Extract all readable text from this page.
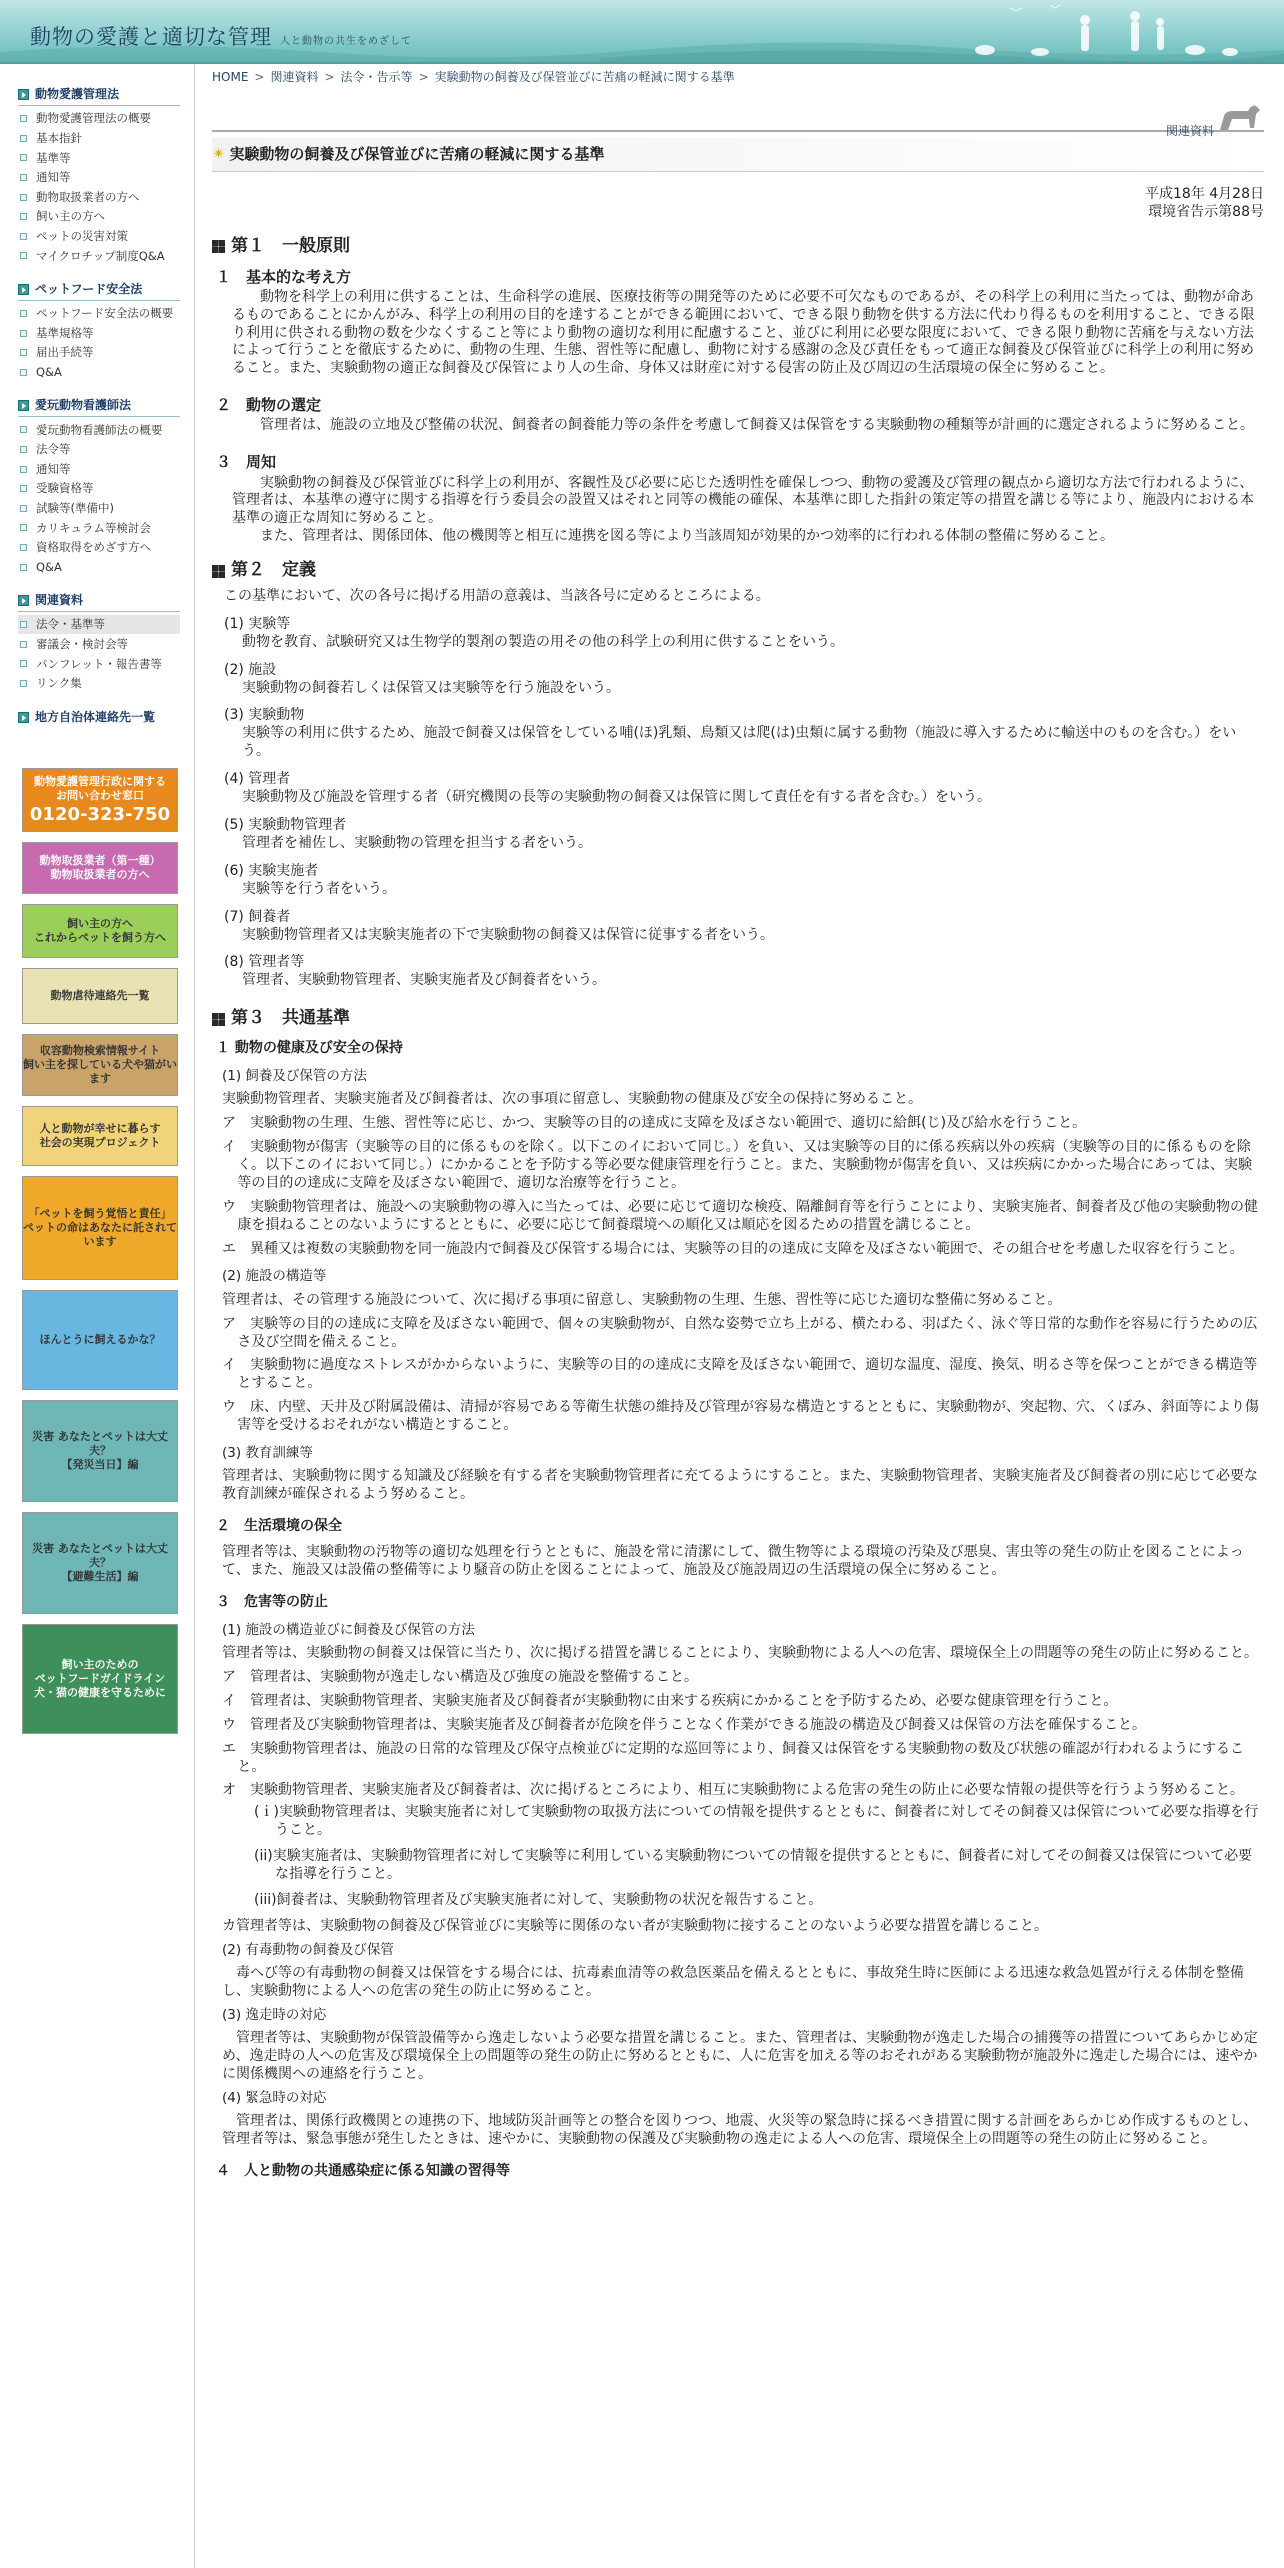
動物の愛護と適切な管理 人と動物の共生をめざして
動物愛護管理法
動物愛護管理法の概要
基本指針
基準等
通知等
動物取扱業者の方へ
飼い主の方へ
ペットの災害対策
マイクロチップ制度Q&A
ペットフード安全法
ペットフード安全法の概要
基準規格等
届出手続等
Q&A
愛玩動物看護師法
愛玩動物看護師法の概要
法令等
通知等
受験資格等
試験等(準備中)
カリキュラム等検討会
資格取得をめざす方へ
Q&A
関連資料
法令・基準等
審議会・検討会等
パンフレット・報告書等
リンク集
地方自治体連絡先一覧
動物愛護管理行政に関する
お問い合わせ窓口
0120-323-750
動物取扱業者（第一種）
動物取扱業者の方へ
飼い主の方へ
これからペットを飼う方へ
動物虐待連絡先一覧
収容動物検索情報サイト
飼い主を探している犬や猫がいます
人と動物が幸せに暮らす
社会の実現プロジェクト
「ペットを飼う覚悟と責任」
ペットの命はあなたに託されています
ほんとうに飼えるかな？
災害 あなたとペットは大丈夫？
【発災当日】編
災害 あなたとペットは大丈夫？
【避難生活】編
飼い主のための
ペットフードガイドライン
犬・猫の健康を守るために
HOME > 関連資料 > 法令・告示等 > 実験動物の飼養及び保管並びに苦痛の軽減に関する基準
関連資料
✴ 実験動物の飼養及び保管並びに苦痛の軽減に関する基準
平成18年 4月28日
環境省告示第88号
第１　一般原則
１　基本的な考え方

動物を科学上の利用に供することは、生命科学の進展、医療技術等の開発等のために必要不可欠なものであるが、その科学上の利用に当たっては、動物が命あるものであることにかんがみ、科学上の利用の目的を達することができる範囲において、できる限り動物を供する方法に代わり得るものを利用すること、できる限り利用に供される動物の数を少なくすること等により動物の適切な利用に配慮すること、並びに利用に必要な限度において、できる限り動物に苦痛を与えない方法によって行うことを徹底するために、動物の生理、生態、習性等に配慮し、動物に対する感謝の念及び責任をもって適正な飼養及び保管並びに科学上の利用に努めること。また、実験動物の適正な飼養及び保管により人の生命、身体又は財産に対する侵害の防止及び周辺の生活環境の保全に努めること。

２　動物の選定

管理者は、施設の立地及び整備の状況、飼養者の飼養能力等の条件を考慮して飼養又は保管をする実験動物の種類等が計画的に選定されるように努めること。

３　周知

実験動物の飼養及び保管並びに科学上の利用が、客観性及び必要に応じた透明性を確保しつつ、動物の愛護及び管理の観点から適切な方法で行われるように、管理者は、本基準の遵守に関する指導を行う委員会の設置又はそれと同等の機能の確保、本基準に即した指針の策定等の措置を講じる等により、施設内における本基準の適正な周知に努めること。

また、管理者は、関係団体、他の機関等と相互に連携を図る等により当該周知が効果的かつ効率的に行われる体制の整備に努めること。

第２　定義

この基準において、次の各号に掲げる用語の意義は、当該各号に定めるところによる。

(1) 実験等
動物を教育、試験研究又は生物学的製剤の製造の用その他の科学上の利用に供することをいう。
(2) 施設
実験動物の飼養若しくは保管又は実験等を行う施設をいう。
(3) 実験動物
実験等の利用に供するため、施設で飼養又は保管をしている哺(ほ)乳類、鳥類又は爬(は)虫類に属する動物（施設に導入するために輸送中のものを含む。）をいう。
(4) 管理者
実験動物及び施設を管理する者（研究機関の長等の実験動物の飼養又は保管に関して責任を有する者を含む。）をいう。
(5) 実験動物管理者
管理者を補佐し、実験動物の管理を担当する者をいう。
(6) 実験実施者
実験等を行う者をいう。
(7) 飼養者
実験動物管理者又は実験実施者の下で実験動物の飼養又は保管に従事する者をいう。
(8) 管理者等
管理者、実験動物管理者、実験実施者及び飼養者をいう。
第３　共通基準
１ 動物の健康及び安全の保持
(1) 飼養及び保管の方法

実験動物管理者、実験実施者及び飼養者は、次の事項に留意し、実験動物の健康及び安全の保持に努めること。

ア　実験動物の生理、生態、習性等に応じ、かつ、実験等の目的の達成に支障を及ぼさない範囲で、適切に給餌(じ)及び給水を行うこと。

イ　実験動物が傷害（実験等の目的に係るものを除く。以下このイにおいて同じ。）を負い、又は実験等の目的に係る疾病以外の疾病（実験等の目的に係るものを除く。以下このイにおいて同じ。）にかかることを予防する等必要な健康管理を行うこと。また、実験動物が傷害を負い、又は疾病にかかった場合にあっては、実験等の目的の達成に支障を及ぼさない範囲で、適切な治療等を行うこと。

ウ　実験動物管理者は、施設への実験動物の導入に当たっては、必要に応じて適切な検疫、隔離飼育等を行うことにより、実験実施者、飼養者及び他の実験動物の健康を損ねることのないようにするとともに、必要に応じて飼養環境への順化又は順応を図るための措置を講じること。

エ　異種又は複数の実験動物を同一施設内で飼養及び保管する場合には、実験等の目的の達成に支障を及ぼさない範囲で、その組合せを考慮した収容を行うこと。

(2) 施設の構造等

管理者は、その管理する施設について、次に掲げる事項に留意し、実験動物の生理、生態、習性等に応じた適切な整備に努めること。

ア　実験等の目的の達成に支障を及ぼさない範囲で、個々の実験動物が、自然な姿勢で立ち上がる、横たわる、羽ばたく、泳ぐ等日常的な動作を容易に行うための広さ及び空間を備えること。

イ　実験動物に過度なストレスがかからないように、実験等の目的の達成に支障を及ぼさない範囲で、適切な温度、湿度、換気、明るさ等を保つことができる構造等とすること。

ウ　床、内壁、天井及び附属設備は、清掃が容易である等衛生状態の維持及び管理が容易な構造とするとともに、実験動物が、突起物、穴、くぼみ、斜面等により傷害等を受けるおそれがない構造とすること。

(3) 教育訓練等

管理者は、実験動物に関する知識及び経験を有する者を実験動物管理者に充てるようにすること。また、実験動物管理者、実験実施者及び飼養者の別に応じて必要な教育訓練が確保されるよう努めること。

２　生活環境の保全

管理者等は、実験動物の汚物等の適切な処理を行うとともに、施設を常に清潔にして、微生物等による環境の汚染及び悪臭、害虫等の発生の防止を図ることによって、また、施設又は設備の整備等により騒音の防止を図ることによって、施設及び施設周辺の生活環境の保全に努めること。

３　危害等の防止
(1) 施設の構造並びに飼養及び保管の方法

管理者等は、実験動物の飼養又は保管に当たり、次に掲げる措置を講じることにより、実験動物による人への危害、環境保全上の問題等の発生の防止に努めること。

ア　管理者は、実験動物が逸走しない構造及び強度の施設を整備すること。

イ　管理者は、実験動物管理者、実験実施者及び飼養者が実験動物に由来する疾病にかかることを予防するため、必要な健康管理を行うこと。

ウ　管理者及び実験動物管理者は、実験実施者及び飼養者が危険を伴うことなく作業ができる施設の構造及び飼養又は保管の方法を確保すること。

エ　実験動物管理者は、施設の日常的な管理及び保守点検並びに定期的な巡回等により、飼養又は保管をする実験動物の数及び状態の確認が行われるようにすること。

オ　実験動物管理者、実験実施者及び飼養者は、次に掲げるところにより、相互に実験動物による危害の発生の防止に必要な情報の提供等を行うよう努めること。

(ｉ)実験動物管理者は、実験実施者に対して実験動物の取扱方法についての情報を提供するとともに、飼養者に対してその飼養又は保管について必要な指導を行うこと。

(ii)実験実施者は、実験動物管理者に対して実験等に利用している実験動物についての情報を提供するとともに、飼養者に対してその飼養又は保管について必要な指導を行うこと。

(iii)飼養者は、実験動物管理者及び実験実施者に対して、実験動物の状況を報告すること。

カ管理者等は、実験動物の飼養及び保管並びに実験等に関係のない者が実験動物に接することのないよう必要な措置を講じること。

(2) 有毒動物の飼養及び保管

毒へび等の有毒動物の飼養又は保管をする場合には、抗毒素血清等の救急医薬品を備えるとともに、事故発生時に医師による迅速な救急処置が行える体制を整備し、実験動物による人への危害の発生の防止に努めること。

(3) 逸走時の対応

管理者等は、実験動物が保管設備等から逸走しないよう必要な措置を講じること。また、管理者は、実験動物が逸走した場合の捕獲等の措置についてあらかじめ定め、逸走時の人への危害及び環境保全上の問題等の発生の防止に努めるとともに、人に危害を加える等のおそれがある実験動物が施設外に逸走した場合には、速やかに関係機関への連絡を行うこと。

(4) 緊急時の対応

管理者は、関係行政機関との連携の下、地域防災計画等との整合を図りつつ、地震、火災等の緊急時に採るべき措置に関する計画をあらかじめ作成するものとし、管理者等は、緊急事態が発生したときは、速やかに、実験動物の保護及び実験動物の逸走による人への危害、環境保全上の問題等の発生の防止に努めること。

４　人と動物の共通感染症に係る知識の習得等
